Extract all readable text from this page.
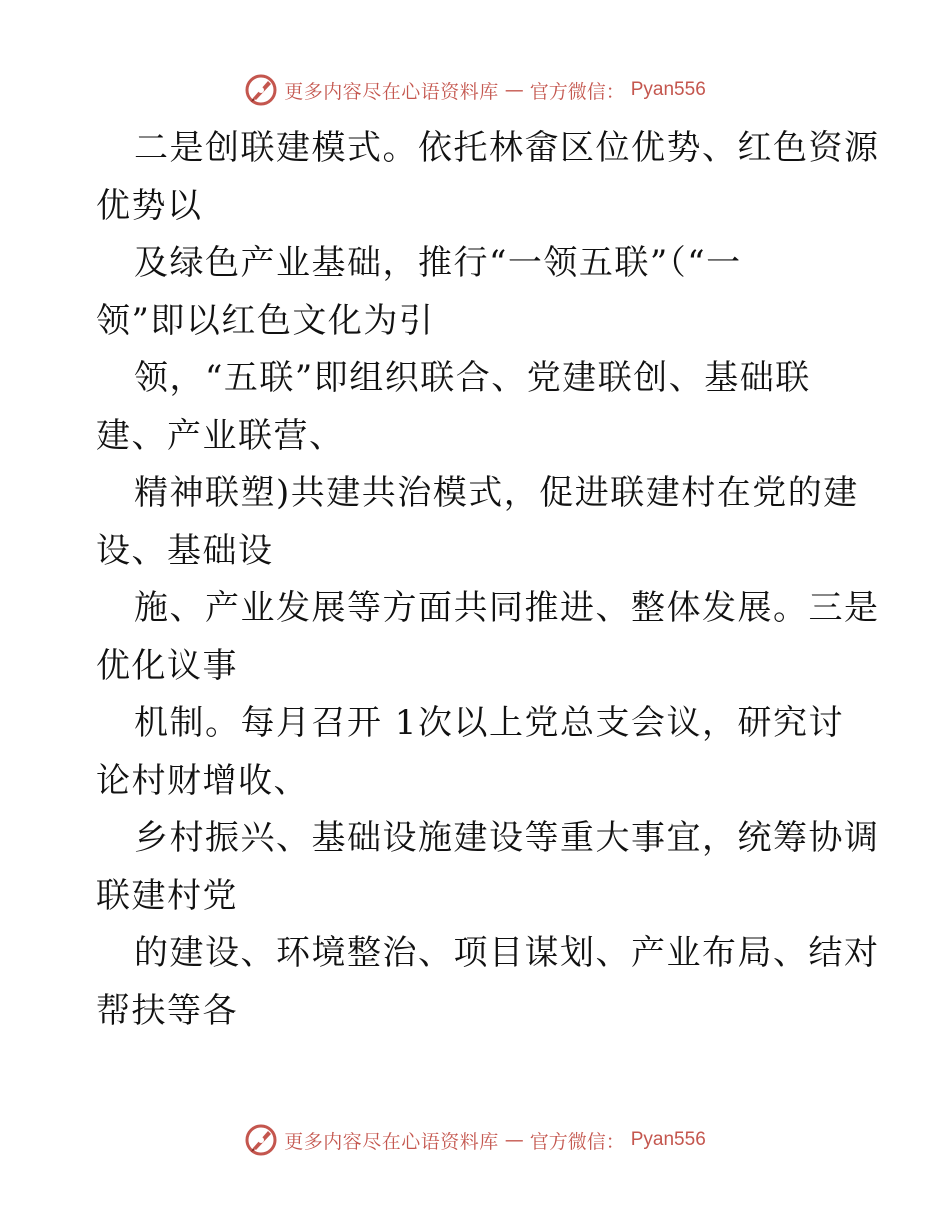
更多内容尽在心语资料库 — 官方微信： Pyan556
二是创联建模式。依托林畲区位优势、红色资源
优势以
及绿色产业基础，推行“一领五联”（“一
领”即以红色文化为引
领，“五联”即组织联合、党建联创、基础联
建、产业联营、
精神联塑)共建共治模式，促进联建村在党的建
设、基础设
施、产业发展等方面共同推进、整体发展。三是
优化议事
机制。每月召开 1次以上党总支会议，研究讨
论村财增收、
乡村振兴、基础设施建设等重大事宜，统筹协调
联建村党
的建设、环境整治、项目谋划、产业布局、结对
帮扶等各
更多内容尽在心语资料库 — 官方微信： Pyan556
